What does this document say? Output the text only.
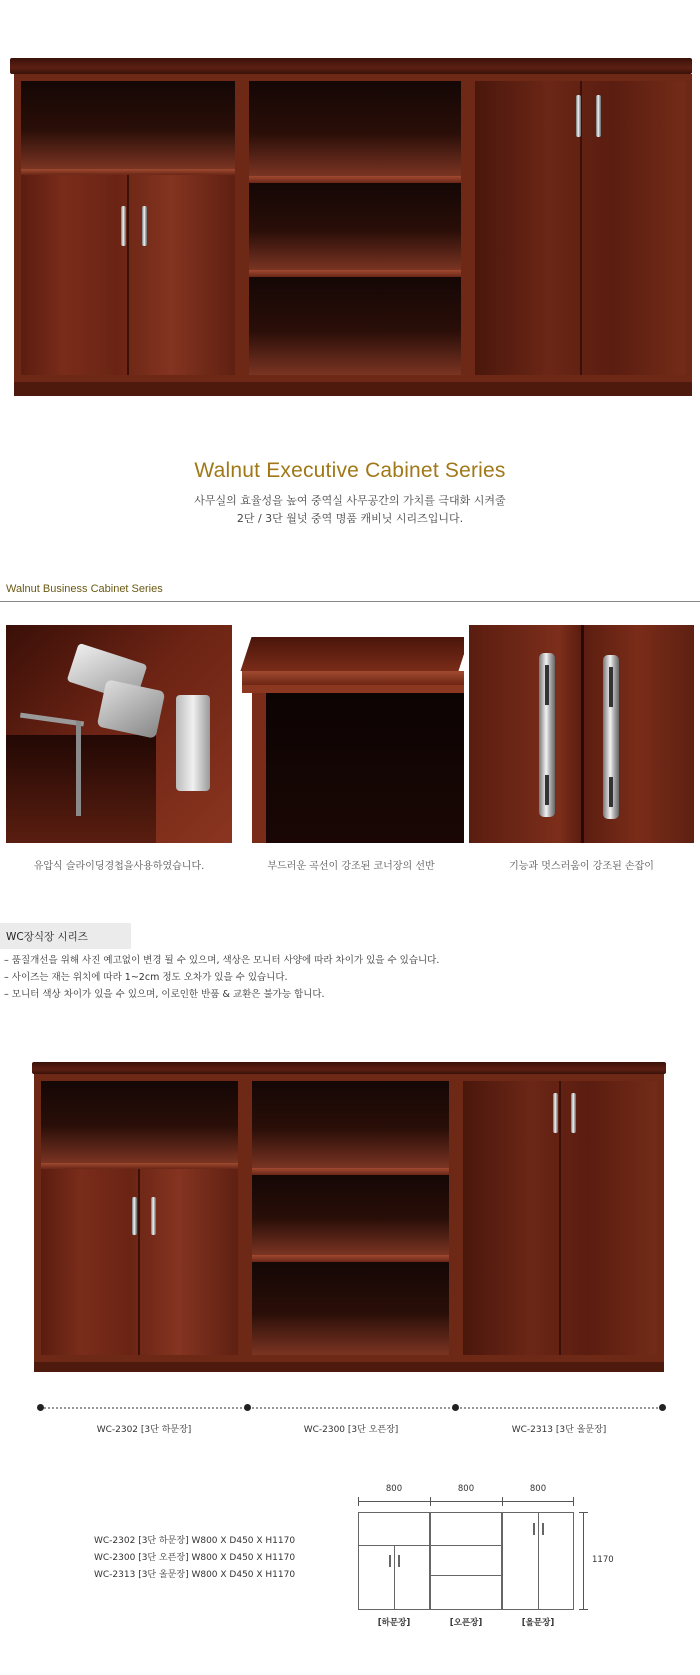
Walnut Executive Cabinet Series
사무실의 효율성을 높여 중역실 사무공간의 가치를 극대화 시켜줄
2단 / 3단 월넛 중역 명품 캐비닛 시리즈입니다.
Walnut Business Cabinet Series
유압식 슬라이딩경첩을사용하였습니다.	부드러운 곡선이 강조된 코너장의 선반	기능과 멋스러움이 강조된 손잡이
WC장식장 시리즈
– 품질개선을 위해 사진 예고없이 변경 될 수 있으며, 색상은 모니터 사양에 따라 차이가 있을 수 있습니다.
– 사이즈는 재는 위치에 따라 1~2cm 정도 오차가 있을 수 있습니다.
– 모니터 색상 차이가 있을 수 있으며, 이로인한 반품 & 교환은 불가능 합니다.
WC-2302 [3단 하문장]	WC-2300 [3단 오픈장]	WC-2313 [3단 올문장]
WC-2302 [3단 하문장] W800 X D450 X H1170
WC-2300 [3단 오픈장] W800 X D450 X H1170
WC-2313 [3단 올문장] W800 X D450 X H1170
800	800	800
1170
[하문장]	[오픈장]	[올문장]
